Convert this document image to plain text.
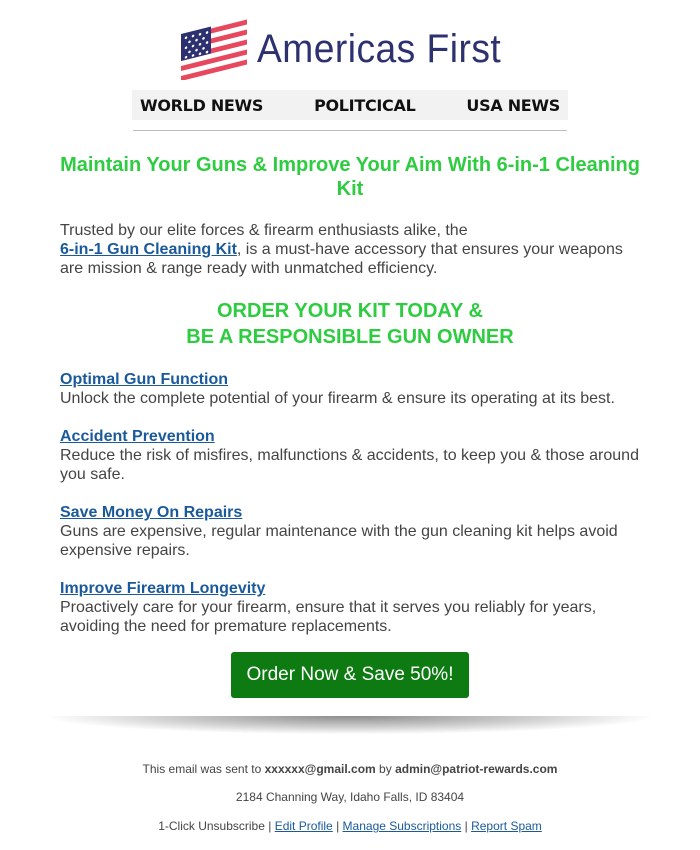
Americas First
WORLD NEWS	POLITCICAL	USA NEWS
Maintain Your Guns & Improve Your Aim With 6-in-1 Cleaning Kit

Trusted by our elite forces & firearm enthusiasts alike, the
6-in-1 Gun Cleaning Kit, is a must-have accessory that ensures your weapons are mission & range ready with unmatched efficiency.

ORDER YOUR KIT TODAY &
BE A RESPONSIBLE GUN OWNER
Optimal Gun Function
Unlock the complete potential of your firearm & ensure its operating at its best.
Accident Prevention
Reduce the risk of misfires, malfunctions & accidents, to keep you & those around you safe.
Save Money On Repairs
Guns are expensive, regular maintenance with the gun cleaning kit helps avoid expensive repairs.
Improve Firearm Longevity
Proactively care for your firearm, ensure that it serves you reliably for years, avoiding the need for premature replacements.
Order Now & Save 50%!

This email was sent to xxxxxx@gmail.com by admin@patriot-rewards.com

2184 Channing Way, Idaho Falls, ID 83404

1-Click Unsubscribe | Edit Profile | Manage Subscriptions | Report Spam
